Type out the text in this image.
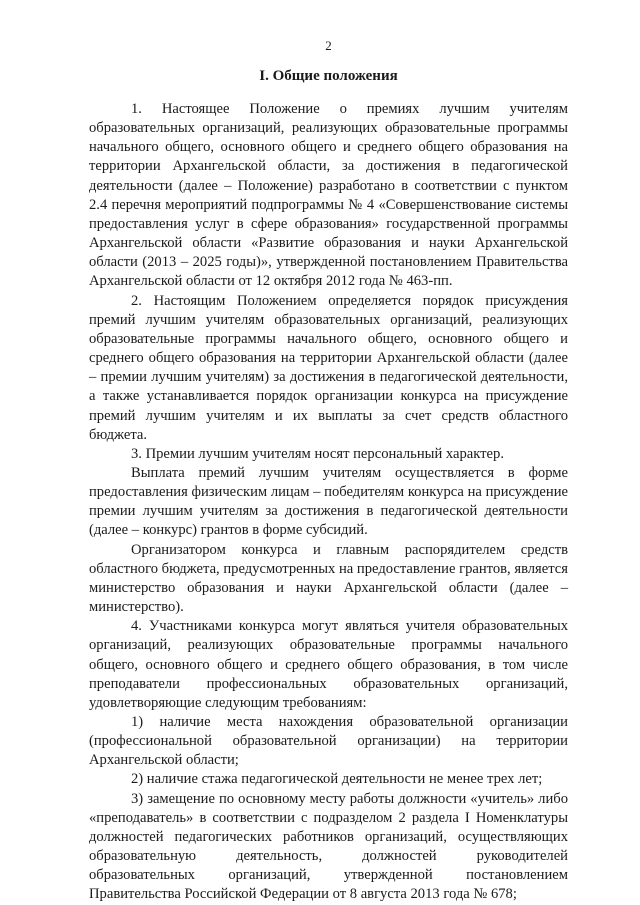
2
I. Общие положения

1. Настоящее Положение о премиях лучшим учителям образовательных организаций, реализующих образовательные программы начального общего, основного общего и среднего общего образования на территории Архангельской области, за достижения в педагогической деятельности (далее – Положение) разработано в соответствии с пунктом 2.4 перечня мероприятий подпрограммы № 4 «Совершенствование системы предоставления услуг в сфере образования» государственной программы Архангельской области «Развитие образования и науки Архангельской области (2013 – 2025 годы)», утвержденной постановлением Правительства Архангельской области от 12 октября 2012 года № 463-пп.

2. Настоящим Положением определяется порядок присуждения премий лучшим учителям образовательных организаций, реализующих образовательные программы начального общего, основного общего и среднего общего образования на территории Архангельской области (далее – премии лучшим учителям) за достижения в педагогической деятельности, а также устанавливается порядок организации конкурса на присуждение премий лучшим учителям и их выплаты за счет средств областного бюджета.

3. Премии лучшим учителям носят персональный характер.

Выплата премий лучшим учителям осуществляется в форме предоставления физическим лицам – победителям конкурса на присуждение премии лучшим учителям за достижения в педагогической деятельности (далее – конкурс) грантов в форме субсидий.

Организатором конкурса и главным распорядителем средств областного бюджета, предусмотренных на предоставление грантов, является министерство образования и науки Архангельской области (далее – министерство).

4. Участниками конкурса могут являться учителя образовательных организаций, реализующих образовательные программы начального общего, основного общего и среднего общего образования, в том числе преподаватели профессиональных образовательных организаций, удовлетворяющие следующим требованиям:

1) наличие места нахождения образовательной организации (профессиональной образовательной организации) на территории Архангельской области;

2) наличие стажа педагогической деятельности не менее трех лет;

3) замещение по основному месту работы должности «учитель» либо «преподаватель» в соответствии с подразделом 2 раздела I Номенклатуры должностей педагогических работников организаций, осуществляющих образовательную деятельность, должностей руководителей образовательных организаций, утвержденной постановлением Правительства Российской Федерации от 8 августа 2013 года № 678;
